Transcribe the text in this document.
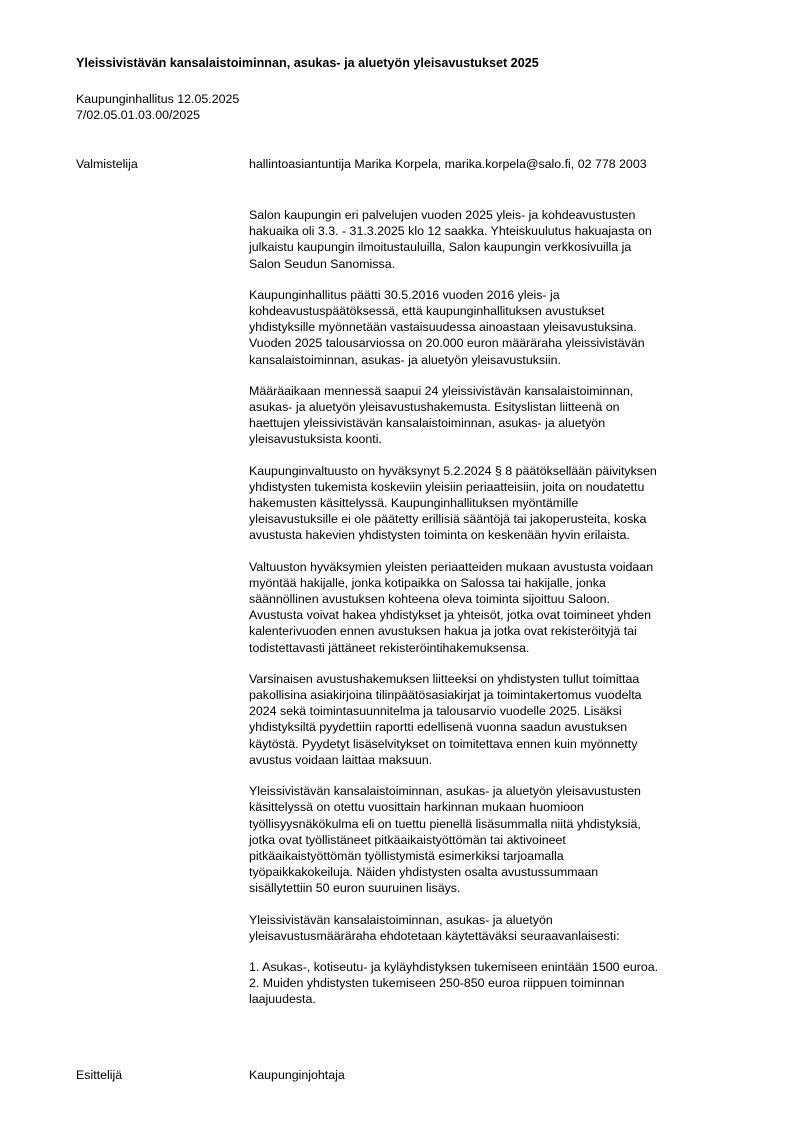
Yleissivistävän kansalaistoiminnan, asukas- ja aluetyön yleisavustukset 2025
Kaupunginhallitus 12.05.2025
7/02.05.01.03.00/2025
Valmistelija	hallintoasiantuntija Marika Korpela, marika.korpela@salo.fi, 02 778 2003
Salon kaupungin eri palvelujen vuoden 2025 yleis- ja kohdeavustusten
hakuaika oli 3.3. - 31.3.2025 klo 12 saakka. Yhteiskuulutus hakuajasta on
julkaistu kaupungin ilmoitustauluilla, Salon kaupungin verkkosivuilla ja
Salon Seudun Sanomissa.
Kaupunginhallitus päätti 30.5.2016 vuoden 2016 yleis- ja
kohdeavustuspäätöksessä, että kaupunginhallituksen avustukset
yhdistyksille myönnetään vastaisuudessa ainoastaan yleisavustuksina.
Vuoden 2025 talousarviossa on 20.000 euron määräraha yleissivistävän
kansalaistoiminnan, asukas- ja aluetyön yleisavustuksiin.
Määräaikaan mennessä saapui 24 yleissivistävän kansalaistoiminnan,
asukas- ja aluetyön yleisavustushakemusta. Esityslistan liitteenä on
haettujen yleissivistävän kansalaistoiminnan, asukas- ja aluetyön
yleisavustuksista koonti.
Kaupunginvaltuusto on hyväksynyt 5.2.2024 § 8 päätöksellään päivityksen
yhdistysten tukemista koskeviin yleisiin periaatteisiin, joita on noudatettu
hakemusten käsittelyssä. Kaupunginhallituksen myöntämille
yleisavustuksille ei ole päätetty erillisiä sääntöjä tai jakoperusteita, koska
avustusta hakevien yhdistysten toiminta on keskenään hyvin erilaista.
Valtuuston hyväksymien yleisten periaatteiden mukaan avustusta voidaan
myöntää hakijalle, jonka kotipaikka on Salossa tai hakijalle, jonka
säännöllinen avustuksen kohteena oleva toiminta sijoittuu Saloon.
Avustusta voivat hakea yhdistykset ja yhteisöt, jotka ovat toimineet yhden
kalenterivuoden ennen avustuksen hakua ja jotka ovat rekisteröityjä tai
todistettavasti jättäneet rekisteröintihakemuksensa.
Varsinaisen avustushakemuksen liitteeksi on yhdistysten tullut toimittaa
pakollisina asiakirjoina tilinpäätösasiakirjat ja toimintakertomus vuodelta
2024 sekä toimintasuunnitelma ja talousarvio vuodelle 2025. Lisäksi
yhdistyksiltä pyydettiin raportti edellisenä vuonna saadun avustuksen
käytöstä. Pyydetyt lisäselvitykset on toimitettava ennen kuin myönnetty
avustus voidaan laittaa maksuun.
Yleissivistävän kansalaistoiminnan, asukas- ja aluetyön yleisavustusten
käsittelyssä on otettu vuosittain harkinnan mukaan huomioon
työllisyysnäkökulma eli on tuettu pienellä lisäsummalla niitä yhdistyksiä,
jotka ovat työllistäneet pitkäaikaistyöttömän tai aktivoineet
pitkäaikaistyöttömän työllistymistä esimerkiksi tarjoamalla
työpaikkakokeiluja. Näiden yhdistysten osalta avustussummaan
sisällytettiin 50 euron suuruinen lisäys.
Yleissivistävän kansalaistoiminnan, asukas- ja aluetyön
yleisavustusmääräraha ehdotetaan käytettäväksi seuraavanlaisesti:
1. Asukas-, kotiseutu- ja kyläyhdistyksen tukemiseen enintään 1500 euroa.
2. Muiden yhdistysten tukemiseen 250-850 euroa riippuen toiminnan
laajuudesta.
Esittelijä	Kaupunginjohtaja
